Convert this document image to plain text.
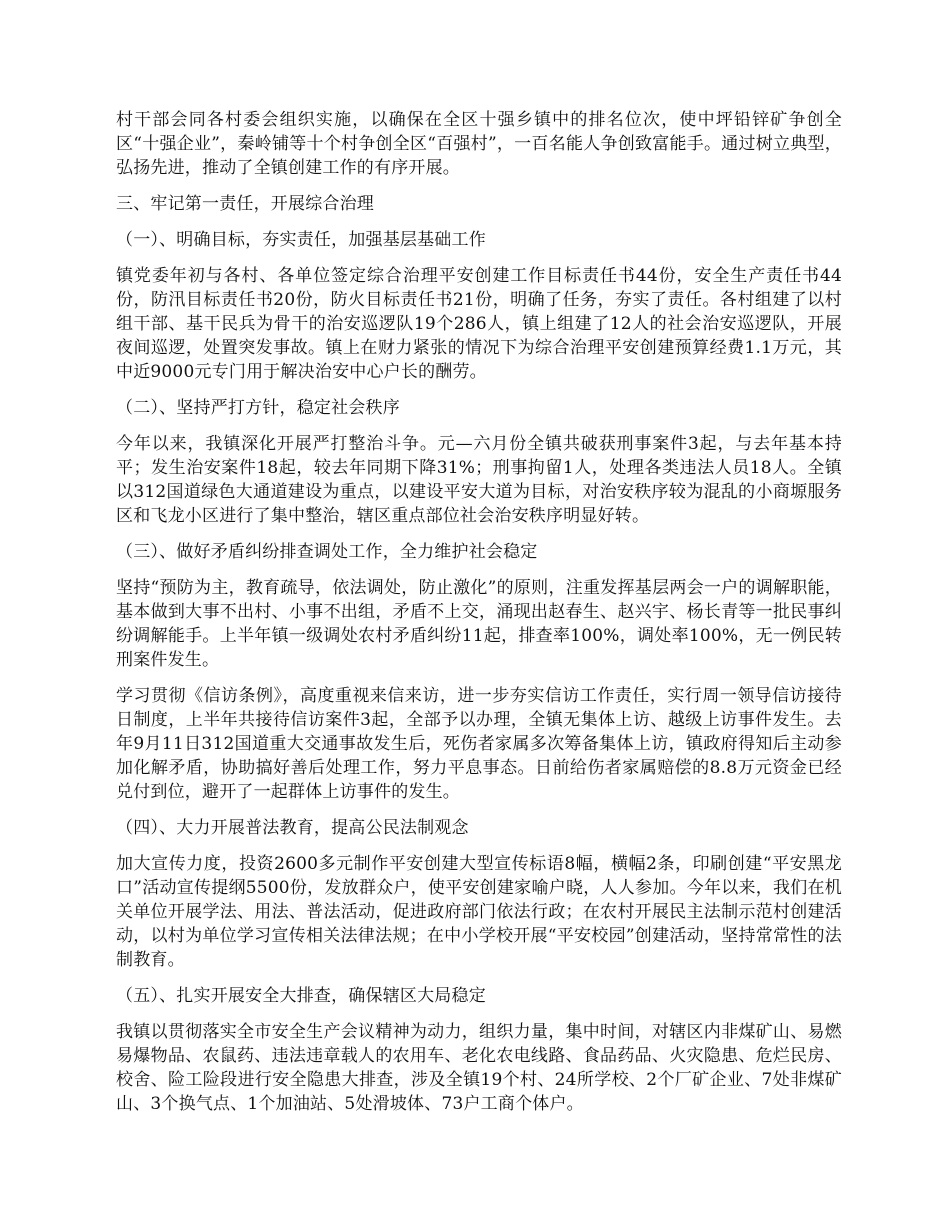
村干部会同各村委会组织实施，以确保在全区十强乡镇中的排名位次，使中坪铅锌矿争创全区“十强企业”，秦岭铺等十个村争创全区“百强村”，一百名能人争创致富能手。通过树立典型，弘扬先进，推动了全镇创建工作的有序开展。

三、牢记第一责任，开展综合治理

（一）、明确目标，夯实责任，加强基层基础工作

镇党委年初与各村、各单位签定综合治理平安创建工作目标责任书44份，安全生产责任书44份，防汛目标责任书20份，防火目标责任书21份，明确了任务，夯实了责任。各村组建了以村组干部、基干民兵为骨干的治安巡逻队19个286人，镇上组建了12人的社会治安巡逻队，开展夜间巡逻，处置突发事故。镇上在财力紧张的情况下为综合治理平安创建预算经费1.1万元，其中近9000元专门用于解决治安中心户长的酬劳。

（二）、坚持严打方针，稳定社会秩序

今年以来，我镇深化开展严打整治斗争。元—六月份全镇共破获刑事案件3起，与去年基本持平；发生治安案件18起，较去年同期下降31%；刑事拘留1人，处理各类违法人员18人。全镇以312国道绿色大通道建设为重点，以建设平安大道为目标，对治安秩序较为混乱的小商塬服务区和飞龙小区进行了集中整治，辖区重点部位社会治安秩序明显好转。

（三）、做好矛盾纠纷排查调处工作，全力维护社会稳定

坚持“预防为主，教育疏导，依法调处，防止激化”的原则，注重发挥基层两会一户的调解职能，基本做到大事不出村、小事不出组，矛盾不上交，涌现出赵春生、赵兴宇、杨长青等一批民事纠纷调解能手。上半年镇一级调处农村矛盾纠纷11起，排查率100%，调处率100%，无一例民转刑案件发生。

学习贯彻《信访条例》，高度重视来信来访，进一步夯实信访工作责任，实行周一领导信访接待日制度，上半年共接待信访案件3起，全部予以办理，全镇无集体上访、越级上访事件发生。去年9月11日312国道重大交通事故发生后，死伤者家属多次筹备集体上访，镇政府得知后主动参加化解矛盾，协助搞好善后处理工作，努力平息事态。日前给伤者家属赔偿的8.8万元资金已经兑付到位，避开了一起群体上访事件的发生。

（四）、大力开展普法教育，提高公民法制观念

加大宣传力度，投资2600多元制作平安创建大型宣传标语8幅，横幅2条，印刷创建“平安黑龙口”活动宣传提纲5500份，发放群众户，使平安创建家喻户晓，人人参加。今年以来，我们在机关单位开展学法、用法、普法活动，促进政府部门依法行政；在农村开展民主法制示范村创建活动，以村为单位学习宣传相关法律法规；在中小学校开展“平安校园”创建活动，坚持常常性的法制教育。

（五）、扎实开展安全大排查，确保辖区大局稳定

我镇以贯彻落实全市安全生产会议精神为动力，组织力量，集中时间，对辖区内非煤矿山、易燃易爆物品、农鼠药、违法违章载人的农用车、老化农电线路、食品药品、火灾隐患、危烂民房、校舍、险工险段进行安全隐患大排查，涉及全镇19个村、24所学校、2个厂矿企业、7处非煤矿山、3个换气点、1个加油站、5处滑坡体、73户工商个体户。
